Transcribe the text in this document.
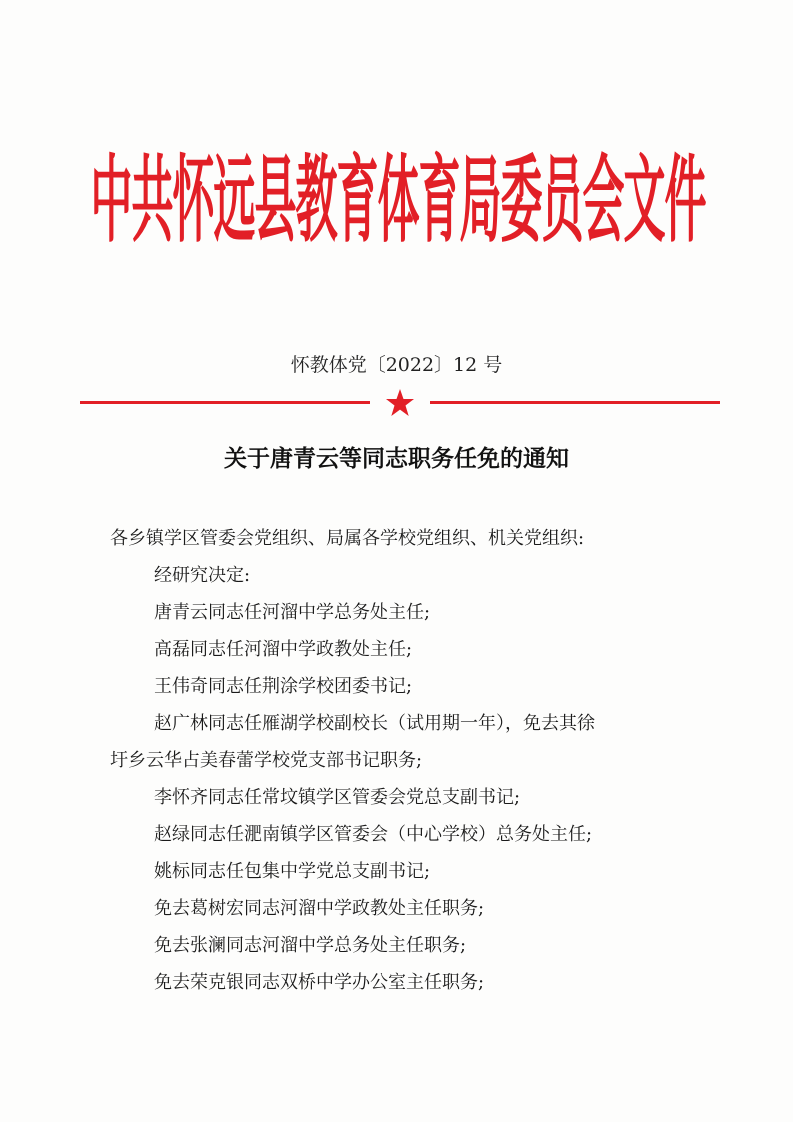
中共怀远县教育体育局委员会文件
怀教体党〔2022〕12 号
关于唐青云等同志职务任免的通知
各乡镇学区管委会党组织、局属各学校党组织、机关党组织:
经研究决定:
唐青云同志任河溜中学总务处主任;
高磊同志任河溜中学政教处主任;
王伟奇同志任荆涂学校团委书记;
赵广林同志任雁湖学校副校长（试用期一年），免去其徐
圩乡云华占美春蕾学校党支部书记职务;
李怀齐同志任常坟镇学区管委会党总支副书记;
赵绿同志任淝南镇学区管委会（中心学校）总务处主任;
姚标同志任包集中学党总支副书记;
免去葛树宏同志河溜中学政教处主任职务;
免去张澜同志河溜中学总务处主任职务;
免去荣克银同志双桥中学办公室主任职务;
